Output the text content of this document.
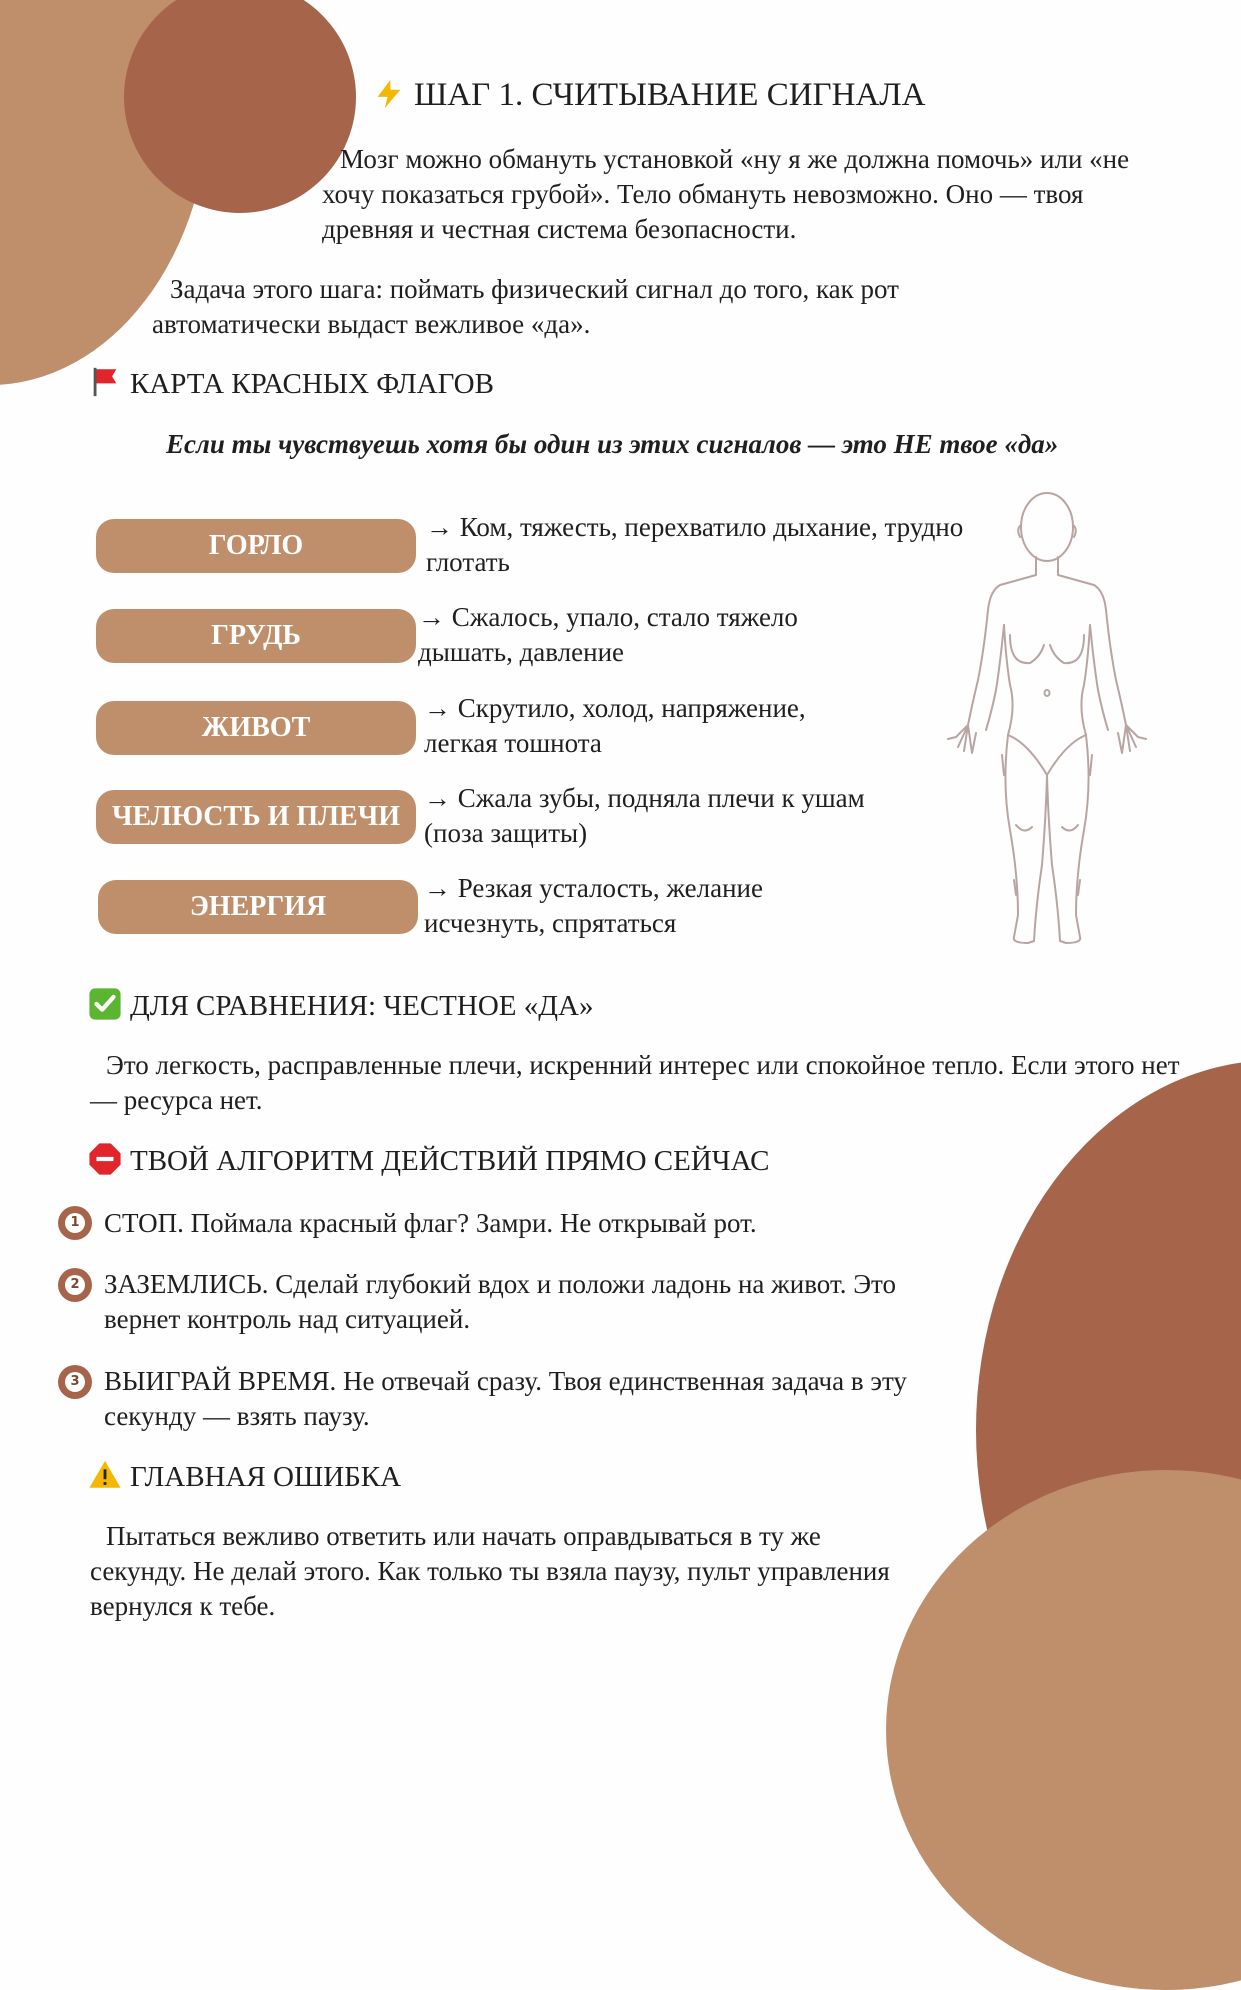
ШАГ 1. СЧИТЫВАНИЕ СИГНАЛА
Мозг можно обмануть установкой «ну я же должна помочь» или «не хочу показаться грубой». Тело обмануть невозможно. Оно — твоя древняя и честная система безопасности.
Задача этого шага: поймать физический сигнал до того, как рот автоматически выдаст вежливое «да».
КАРТА КРАСНЫХ ФЛАГОВ
Если ты чувствуешь хотя бы один из этих сигналов — это НЕ твое «да»
ГОРЛО
ГРУДЬ
ЖИВОТ
ЧЕЛЮСТЬ И ПЛЕЧИ
ЭНЕРГИЯ
→ Ком, тяжесть, перехватило дыхание, трудно глотать
→ Сжалось, упало, стало тяжело дышать, давление
→ Скрутило, холод, напряжение, легкая тошнота
→ Сжала зубы, подняла плечи к ушам (поза защиты)
→ Резкая усталость, желание исчезнуть, спрятаться
ДЛЯ СРАВНЕНИЯ: ЧЕСТНОЕ «ДА»
Это легкость, расправленные плечи, искренний интерес или спокойное тепло. Если этого нет — ресурса нет.
ТВОЙ АЛГОРИТМ ДЕЙСТВИЙ ПРЯМО СЕЙЧАС
1 СТОП. Поймала красный флаг? Замри. Не открывай рот.
2 ЗАЗЕМЛИСЬ. Сделай глубокий вдох и положи ладонь на живот. Это вернет контроль над ситуацией.
3 ВЫИГРАЙ ВРЕМЯ. Не отвечай сразу. Твоя единственная задача в эту секунду — взять паузу.
ГЛАВНАЯ ОШИБКА
Пытаться вежливо ответить или начать оправдываться в ту же секунду. Не делай этого. Как только ты взяла паузу, пульт управления вернулся к тебе.
